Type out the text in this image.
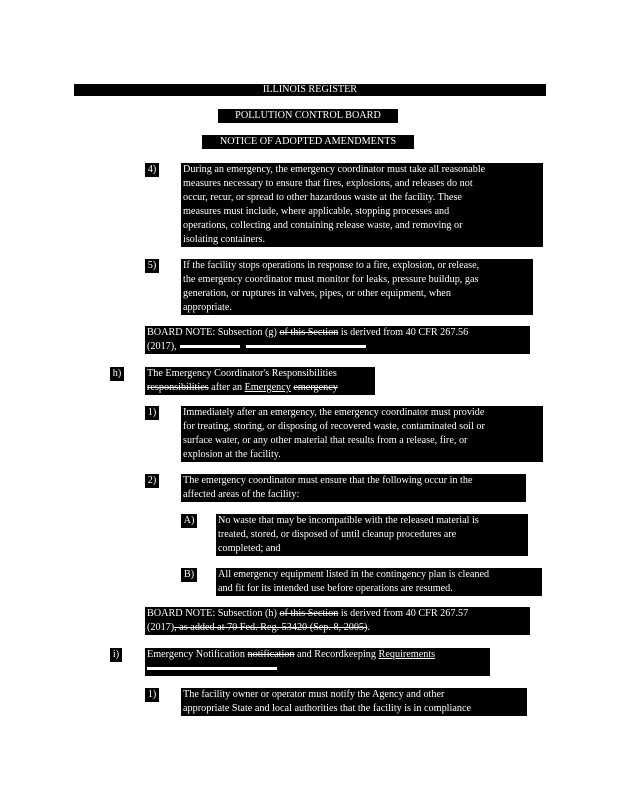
ILLINOIS REGISTER
POLLUTION CONTROL BOARD
NOTICE OF ADOPTED AMENDMENTS
4)	During an emergency, the emergency coordinator must take all reasonable
measures necessary to ensure that fires, explosions, and releases do not
occur, recur, or spread to other hazardous waste at the facility. These
measures must include, where applicable, stopping processes and
operations, collecting and containing release waste, and removing or
isolating containers.
5)	If the facility stops operations in response to a fire, explosion, or release,
the emergency coordinator must monitor for leaks, pressure buildup, gas
generation, or ruptures in valves, pipes, or other equipment, when
appropriate.
BOARD NOTE: Subsection (g) of this Section is derived from 40 CFR 267.56
(2017),
h)	The Emergency Coordinator's Responsibilities
responsibilities after an Emergency emergency
1)	Immediately after an emergency, the emergency coordinator must provide
for treating, storing, or disposing of recovered waste, contaminated soil or
surface water, or any other material that results from a release, fire, or
explosion at the facility.
2)	The emergency coordinator must ensure that the following occur in the
affected areas of the facility:
A) No waste that may be incompatible with the released material is
treated, stored, or disposed of until cleanup procedures are
completed; and
B) All emergency equipment listed in the contingency plan is cleaned
and fit for its intended use before operations are resumed.
BOARD NOTE: Subsection (h) of this Section is derived from 40 CFR 267.57
(2017), as added at 70 Fed. Reg. 53420 (Sep. 8, 2005).
i)	Emergency Notification notification and Recordkeeping Requirements
1)	The facility owner or operator must notify the Agency and other
appropriate State and local authorities that the facility is in compliance
